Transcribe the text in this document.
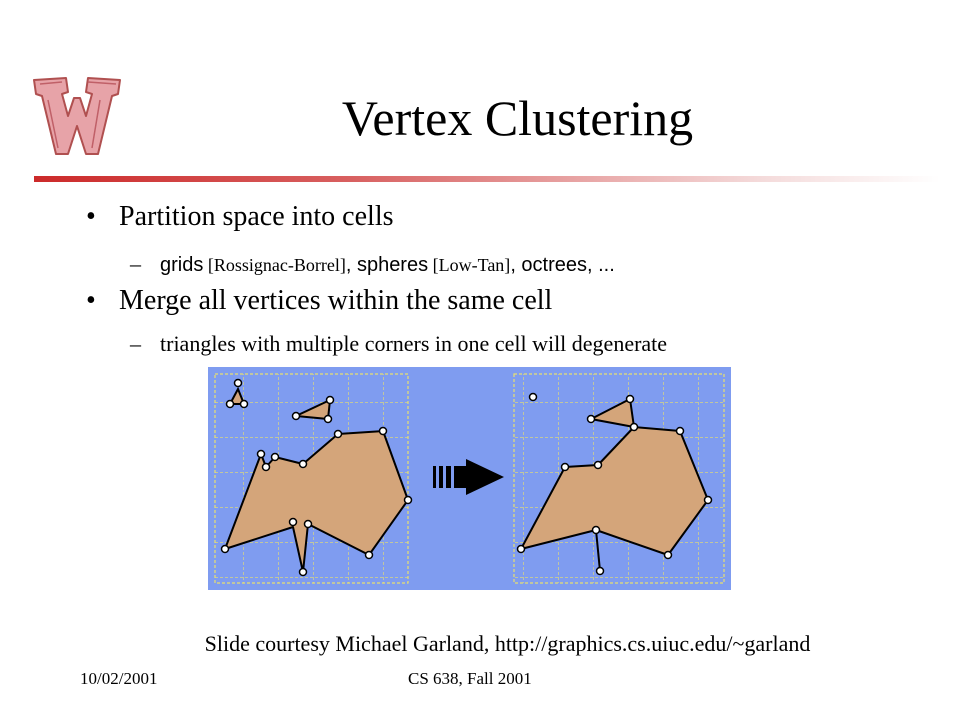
Vertex Clustering
• Partition space into cells
– grids [Rossignac-Borrel], spheres [Low-Tan], octrees, ...
• Merge all vertices within the same cell
– triangles with multiple corners in one cell will degenerate
Slide courtesy Michael Garland, http://graphics.cs.uiuc.edu/~garland
10/02/2001	CS 638, Fall 2001
